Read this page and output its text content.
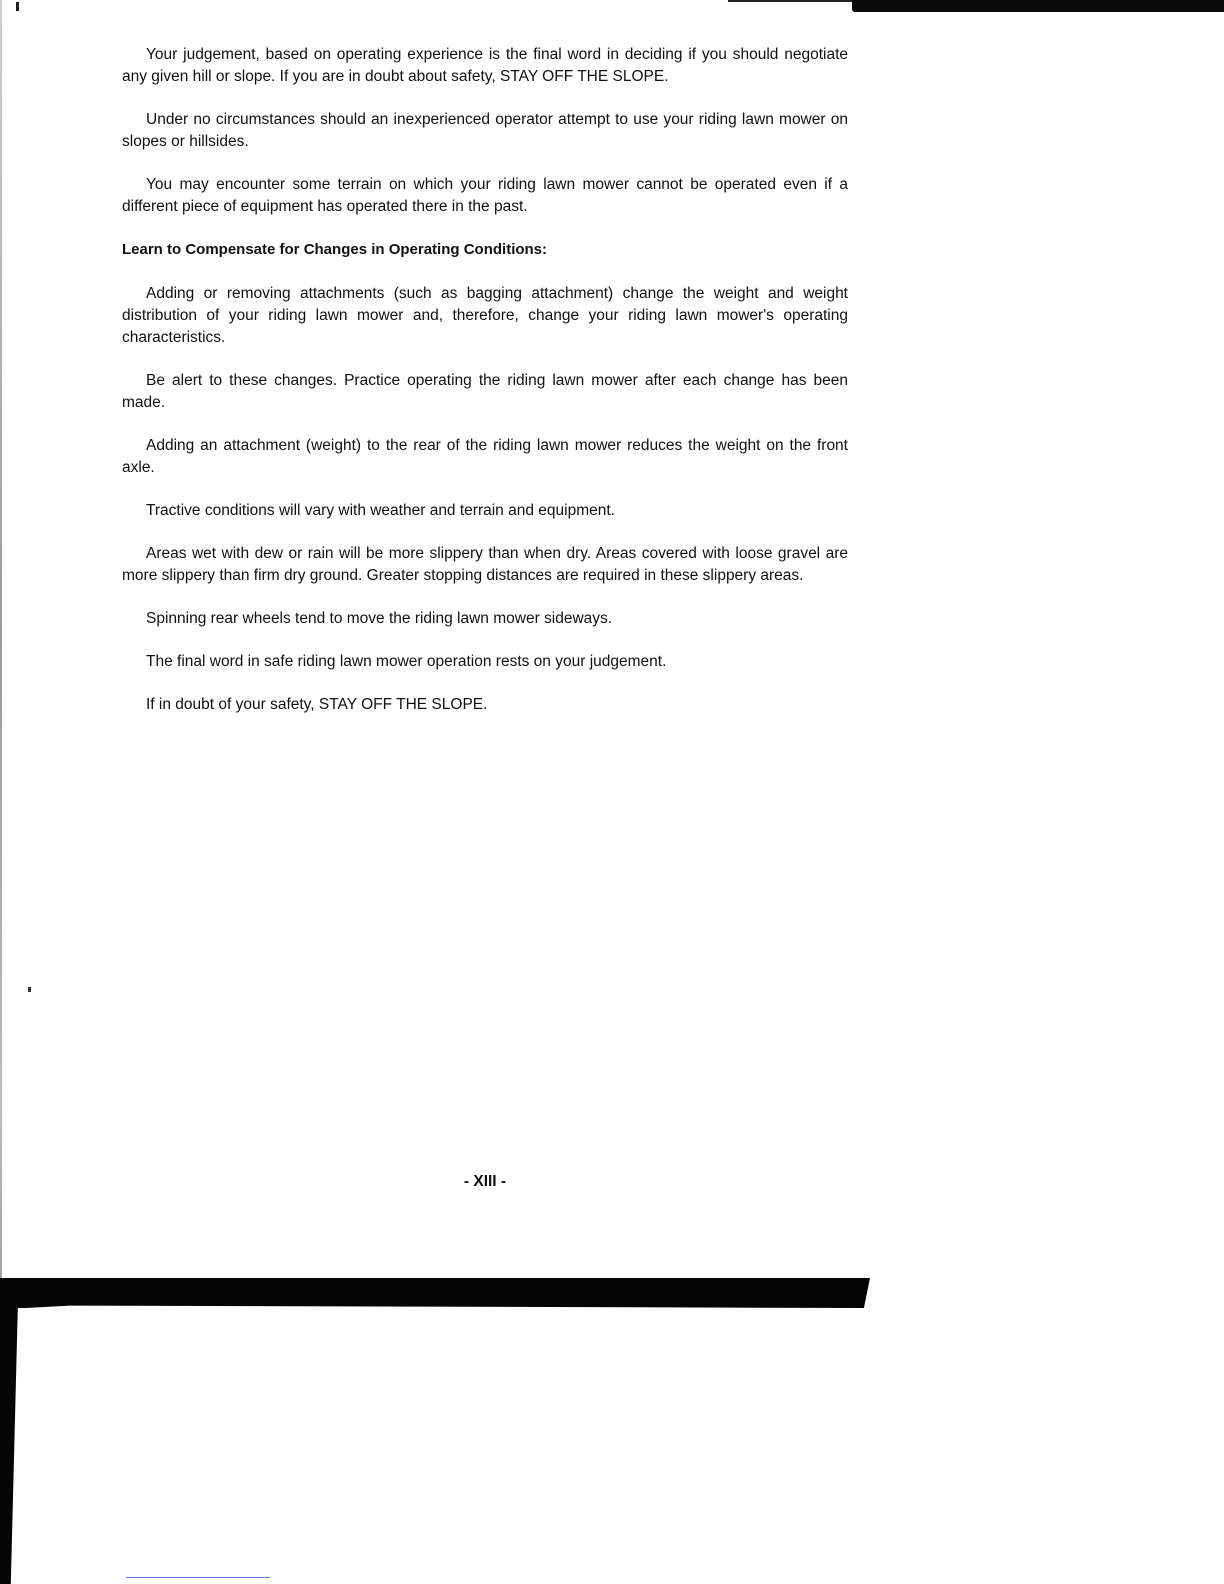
Your judgement, based on operating experience is the final word in deciding if you should negotiate any given hill or slope. If you are in doubt about safety, STAY OFF THE SLOPE.

Under no circumstances should an inexperienced operator attempt to use your riding lawn mower on slopes or hillsides.

You may encounter some terrain on which your riding lawn mower cannot be operated even if a different piece of equipment has operated there in the past.

Learn to Compensate for Changes in Operating Conditions:

Adding or removing attachments (such as bagging attachment) change the weight and weight distribution of your riding lawn mower and, therefore, change your riding lawn mower's operating characteristics.

Be alert to these changes. Practice operating the riding lawn mower after each change has been made.

Adding an attachment (weight) to the rear of the riding lawn mower reduces the weight on the front axle.

Tractive conditions will vary with weather and terrain and equipment.

Areas wet with dew or rain will be more slippery than when dry. Areas covered with loose gravel are more slippery than firm dry ground. Greater stopping distances are required in these slippery areas.

Spinning rear wheels tend to move the riding lawn mower sideways.

The final word in safe riding lawn mower operation rests on your judgement.

If in doubt of your safety, STAY OFF THE SLOPE.

- XIII -
